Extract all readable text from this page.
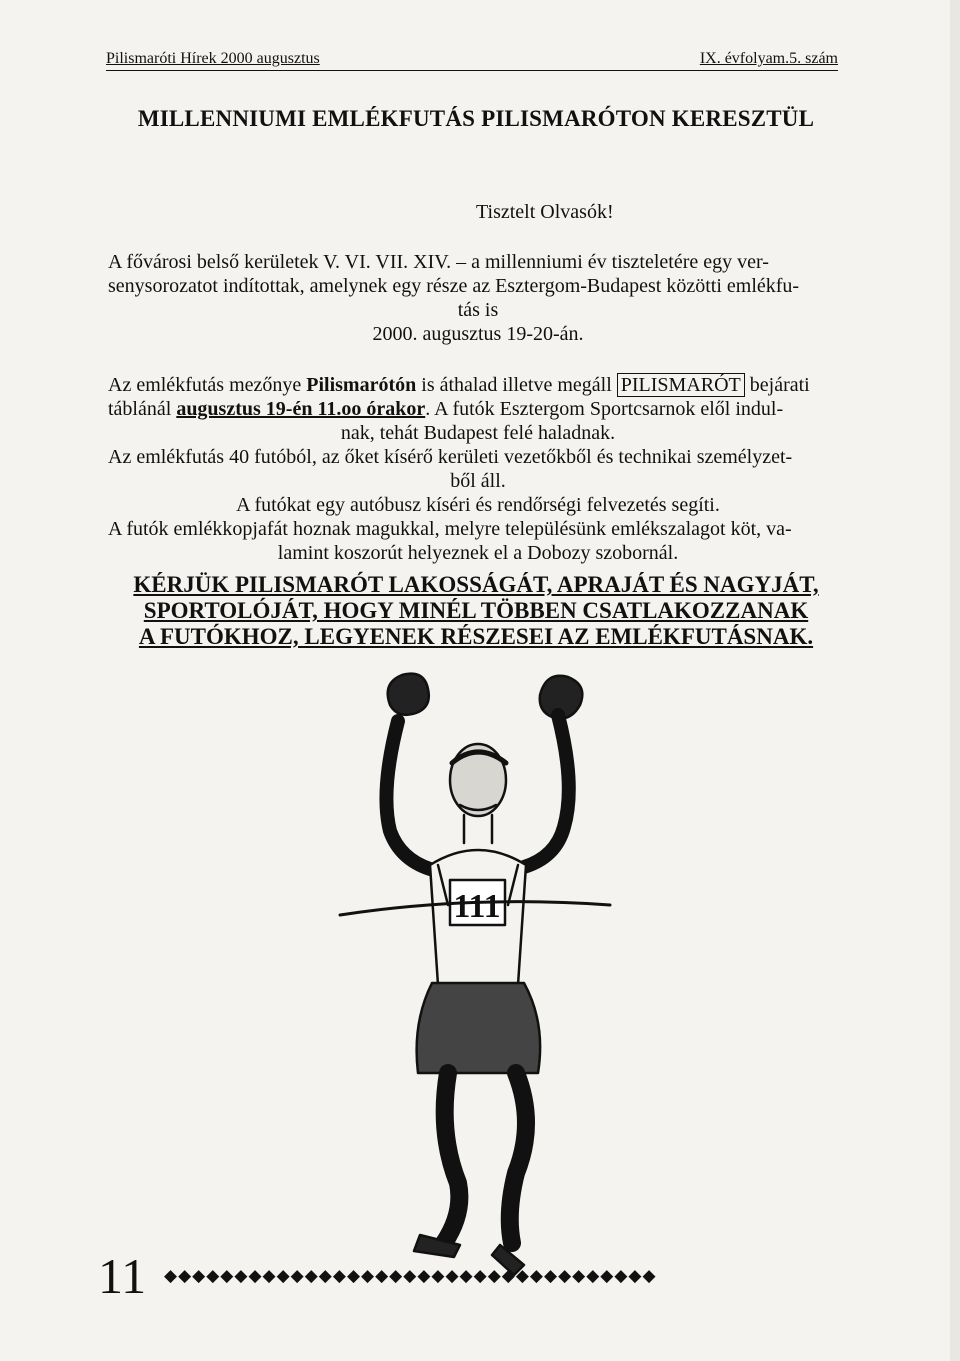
Pilismaróti Hírek 2000 augusztus	IX. évfolyam.5. szám
MILLENNIUMI EMLÉKFUTÁS PILISMARÓTON KERESZTÜL
Tisztelt Olvasók!
A fővárosi belső kerületek V. VI. VII. XIV. – a millenniumi év tiszteletére egy ver-
senysorozatot indítottak, amelynek egy része az Esztergom-Budapest közötti emlékfu-
tás is
2000. augusztus 19-20-án.
Az emlékfutás mezőnye Pilismarótón is áthalad illetve megáll PILISMARÓT bejárati
táblánál augusztus 19-én 11.oo órakor. A futók Esztergom Sportcsarnok elől indul-
nak, tehát Budapest felé haladnak.
Az emlékfutás 40 futóból, az őket kísérő kerületi vezetőkből és technikai személyzet-
ből áll.
A futókat egy autóbusz kíséri és rendőrségi felvezetés segíti.
A futók emlékkopjafát hoznak magukkal, melyre településünk emlékszalagot köt, va-
lamint koszorút helyeznek el a Dobozy szobornál.
KÉRJÜK PILISMARÓT LAKOSSÁGÁT, APRAJÁT ÉS NAGYJÁT,
SPORTOLÓJÁT, HOGY MINÉL TÖBBEN CSATLAKOZZANAK
A FUTÓKHOZ, LEGYENEK RÉSZESEI AZ EMLÉKFUTÁSNAK.
111
11 ◆◆◆◆◆◆◆◆◆◆◆◆◆◆◆◆◆◆◆◆◆◆◆◆◆◆◆◆◆◆◆◆◆◆◆
